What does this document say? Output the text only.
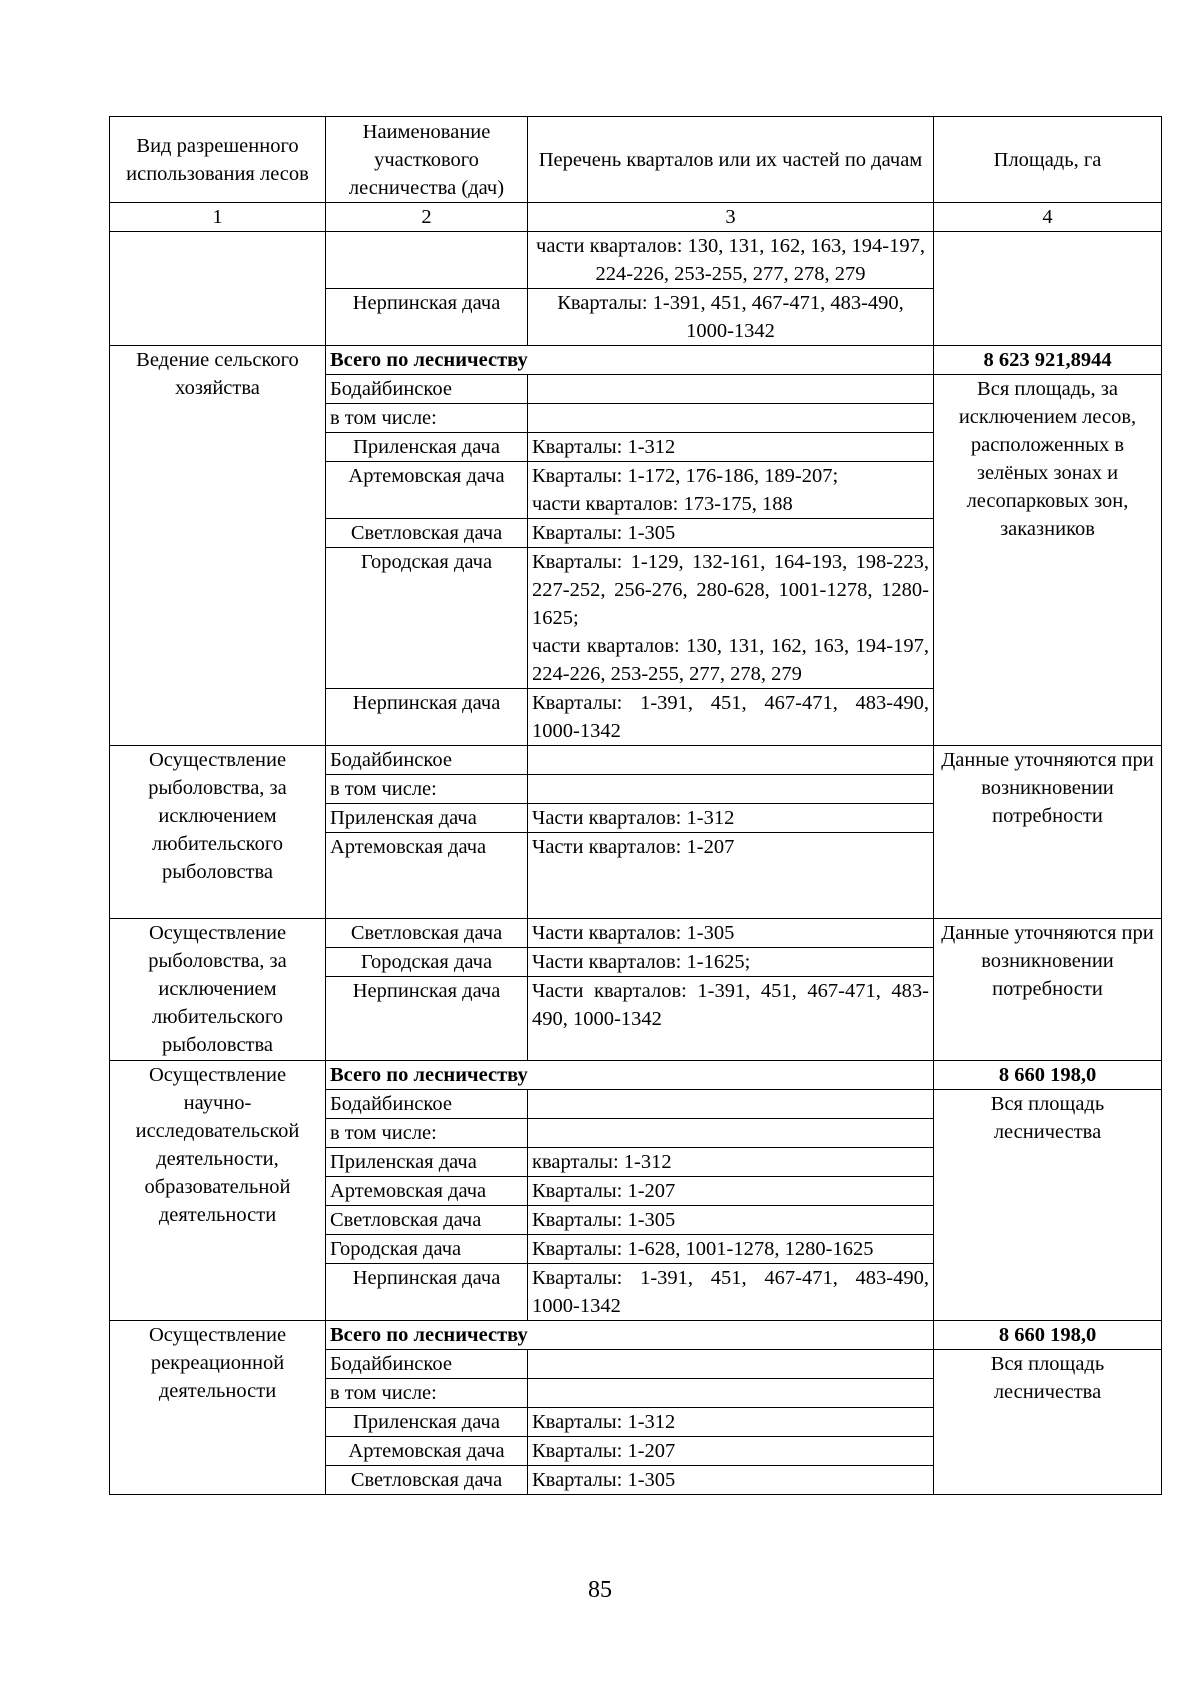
Вид разрешенного использования лесов	Наименование участкового лесничества (дач)	Перечень кварталов или их частей по дачам	Площадь, га
1	2	3	4
		части кварталов: 130, 131, 162, 163, 194-197, 224-226, 253-255, 277, 278, 279	
	Нерпинская дача	Кварталы: 1-391, 451, 467-471, 483-490, 1000-1342	
Ведение сельского хозяйства	Всего по лесничеству		8 623 921,8944
	Бодайбинское		Вся площадь, за исключением лесов, расположенных в зелёных зонах и лесопарковых зон, заказников
	в том числе:		
	Приленская дача	Кварталы: 1-312	
	Артемовская дача	Кварталы: 1-172, 176-186, 189-207;
части кварталов: 173-175, 188	
	Светловская дача	Кварталы: 1-305	
	Городская дача	Кварталы: 1-129, 132-161, 164-193, 198-223, 227-252, 256-276, 280-628, 1001-1278, 1280-1625;
части кварталов: 130, 131, 162, 163, 194-197, 224-226, 253-255, 277, 278, 279	
	Нерпинская дача	Кварталы: 1-391, 451, 467-471, 483-490, 1000-1342	
Осуществление рыболовства, за исключением любительского рыболовства	Бодайбинское		Данные уточняются при возникновении потребности
	в том числе:		
	Приленская дача	Части кварталов: 1-312	
	Артемовская дача	Части кварталов: 1-207	
Осуществление рыболовства, за исключением любительского рыболовства	Светловская дача	Части кварталов: 1-305	Данные уточняются при возникновении потребности
	Городская дача	Части кварталов: 1-1625;	
	Нерпинская дача	Части кварталов: 1-391, 451, 467-471, 483-490, 1000-1342	
Осуществление научно-исследовательской деятельности, образовательной деятельности	Всего по лесничеству		8 660 198,0
	Бодайбинское		Вся площадь лесничества
	в том числе:		
	Приленская дача	кварталы: 1-312	
	Артемовская дача	Кварталы: 1-207	
	Светловская дача	Кварталы: 1-305	
	Городская дача	Кварталы: 1-628, 1001-1278, 1280-1625	
	Нерпинская дача	Кварталы: 1-391, 451, 467-471, 483-490, 1000-1342	
Осуществление рекреационной деятельности	Всего по лесничеству		8 660 198,0
	Бодайбинское		Вся площадь лесничества
	в том числе:		
	Приленская дача	Кварталы: 1-312	
	Артемовская дача	Кварталы: 1-207	
	Светловская дача	Кварталы: 1-305	
85
